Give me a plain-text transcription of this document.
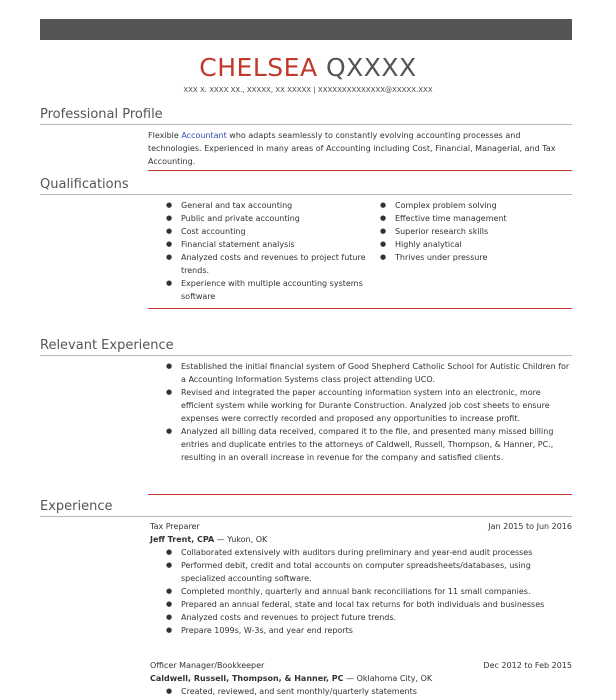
CHELSEA QXXXX
XXX X. XXXX XX., XXXXX, XX XXXXX | XXXXXXXXXXXXXX@XXXXX.XXX
Professional Profile
Flexible Accountant who adapts seamlessly to constantly evolving accounting processes and technologies. Experienced in many areas of Accounting including Cost, Financial, Managerial, and Tax Accounting.
Qualifications
● General and tax accounting
● Public and private accounting
● Cost accounting
● Financial statement analysis
● Analyzed costs and revenues to project future trends.
● Experience with multiple accounting systems software
● Complex problem solving
● Effective time management
● Superior research skills
● Highly analytical
● Thrives under pressure
Relevant Experience
● Established the initial financial system of Good Shepherd Catholic School for Autistic Children for a Accounting Information Systems class project attending UCO.
● Revised and integrated the paper accounting information system into an electronic, more efficient system while working for Durante Construction. Analyzed job cost sheets to ensure expenses were correctly recorded and proposed any opportunities to increase profit.
● Analyzed all billing data received, compared it to the file, and presented many missed billing entries and duplicate entries to the attorneys of Caldwell, Russell, Thompson, & Hanner, PC., resulting in an overall increase in revenue for the company and satisfied clients.
Experience
Tax Preparer	Jan 2015 to Jun 2016
Jeff Trent, CPA — Yukon, OK
● Collaborated extensively with auditors during preliminary and year-end audit processes
● Performed debit, credit and total accounts on computer spreadsheets/databases, using specialized accounting software.
● Completed monthly, quarterly and annual bank reconciliations for 11 small companies.
● Prepared an annual federal, state and local tax returns for both individuals and businesses
● Analyzed costs and revenues to project future trends.
● Prepare 1099s, W-3s, and year end reports
Officer Manager/Bookkeeper	Dec 2012 to Feb 2015
Caldwell, Russell, Thompson, & Hanner, PC — Oklahoma City, OK
● Created, reviewed, and sent monthly/quarterly statements
